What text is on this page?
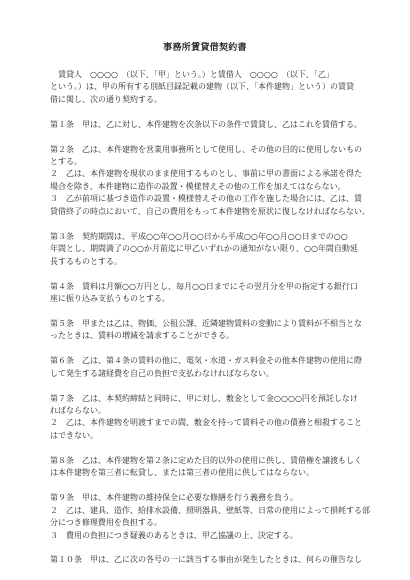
事務所賃貸借契約書
賃貸人　○○○○　（以下、「甲」という。）と賃借人　○○○○　（以下、「乙」
という。）は、甲の所有する別紙目録記載の建物（以下、「本件建物」という）の賃貸
借に関し、次の通り契約する。
第１条　甲は、乙に対し、本件建物を次条以下の条件で賃貸し、乙はこれを賃借する。
第２条　乙は、本件建物を営業用事務所として使用し、その他の目的に使用しないもの
とする。
２　乙は、本件建物を現状のまま使用するものとし、事前に甲の書面による承諾を得た
場合を除き、本件建物に造作の設置・模様替えその他の工作を加えてはならない。
３　乙が前項に基づき造作の設置・模様替えその他の工作を施した場合には、乙は、賃
貸借終了の時点において、自己の費用をもって本件建物を原状に復しなければならない。
第３条　契約期間は、平成○○年○○月○○日から平成○○年○○月○○日までの○○
年間とし、期間満了の○○か月前迄に甲乙いずれかの通知がない限り、○○年間自動延
長するものとする。
第４条　賃料は月額○○万円とし、毎月○○日までにその翌月分を甲の指定する銀行口
座に振り込み支払うものとする。
第５条　甲または乙は、物価、公租公課、近隣建物賃料の変動により賃料が不相当とな
ったときは、賃料の増減を請求することができる。
第６条　乙は、第４条の賃料の他に、電気・水道・ガス料金その他本件建物の使用に際
して発生する諸経費を自己の負担で支払わなければならない。
第７条　乙は、本契約締結と同時に、甲に対し、敷金として金○○○○円を預託しなけ
ればならない。
２　乙は、本件建物を明渡すまでの間、敷金を持って賃料その他の債務と相殺すること
はできない。
第８条　乙は、本件建物を第２条に定めた目的以外の使用に供し、賃借権を譲渡もしく
は本件建物を第三者に転貸し、または第三者の使用に供してはならない。
第９条　甲は、本件建物の維持保全に必要な修繕を行う義務を負う。
２　乙は、建具、造作、給排水設備、照明器具、壁紙等、日常の使用によって損耗する部
分につき修理費用を負担する。
３　費用の負担につき疑義のあるときは、甲乙協議の上、決定する。
第１０条　甲は、乙に次の各号の一に該当する事由が発生したときは、何らの催告なし
